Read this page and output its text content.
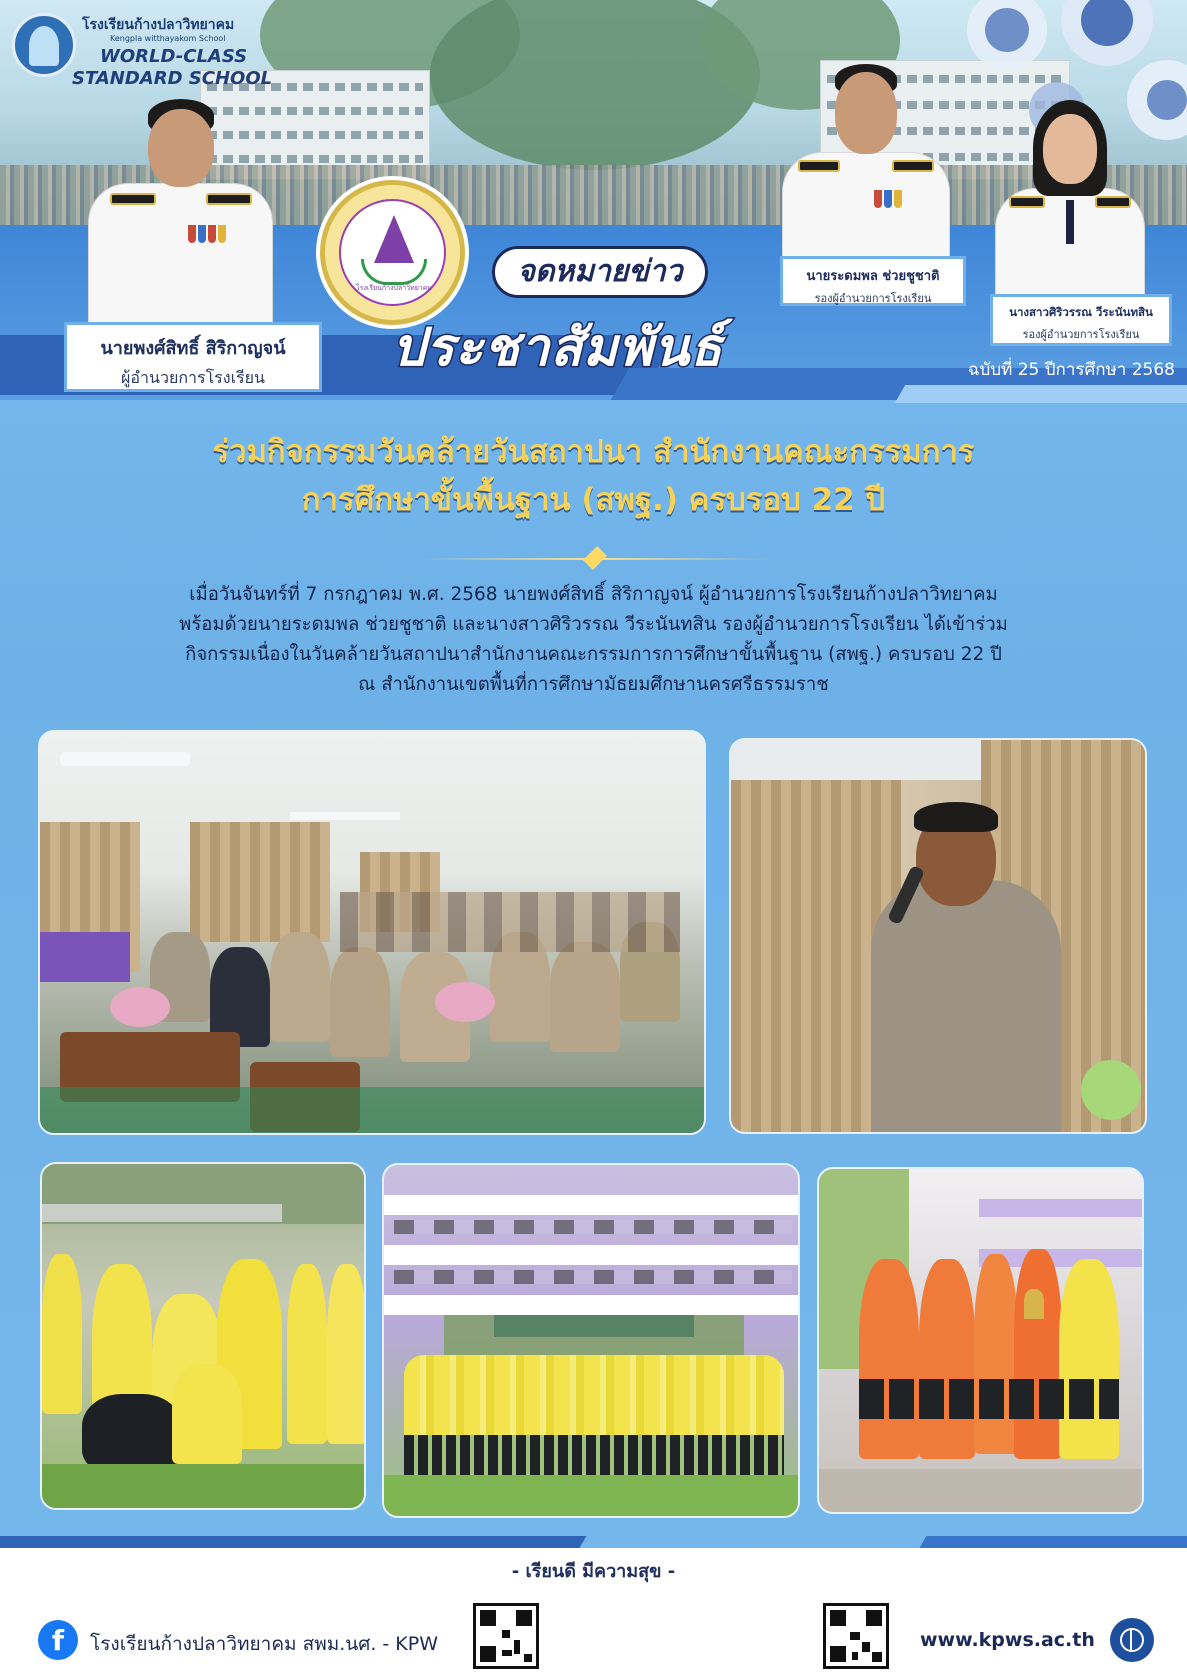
โรงเรียนก้างปลาวิทยาคม
Kengpla witthayakom School
WORLD-CLASS
STANDARD SCHOOL
นายพงศ์สิทธิ์ สิริกาญจน์
ผู้อำนวยการโรงเรียน
โรงเรียนก้างปลาวิทยาคม	จดหมายข่าว
ประชาสัมพันธ์	ฉบับที่ 25 ปีการศึกษา 2568
นายระดมพล ช่วยชูชาติ
รองผู้อำนวยการโรงเรียน
นางสาวศิริวรรณ วีระนันทสิน
รองผู้อำนวยการโรงเรียน
ร่วมกิจกรรมวันคล้ายวันสถาปนา สำนักงานคณะกรรมการ
การศึกษาขั้นพื้นฐาน (สพฐ.) ครบรอบ 22 ปี
เมื่อวันจันทร์ที่ 7 กรกฎาคม พ.ศ. 2568 นายพงศ์สิทธิ์ สิริกาญจน์ ผู้อำนวยการโรงเรียนก้างปลาวิทยาคม
พร้อมด้วยนายระดมพล ช่วยชูชาติ และนางสาวศิริวรรณ วีระนันทสิน รองผู้อำนวยการโรงเรียน ได้เข้าร่วม
กิจกรรมเนื่องในวันคล้ายวันสถาปนาสำนักงานคณะกรรมการการศึกษาขั้นพื้นฐาน (สพฐ.) ครบรอบ 22 ปี
ณ สำนักงานเขตพื้นที่การศึกษามัธยมศึกษานครศรีธรรมราช
- เรียนดี มีความสุข -
f	โรงเรียนก้างปลาวิทยาคม สพม.นศ. - KPW	www.kpws.ac.th
